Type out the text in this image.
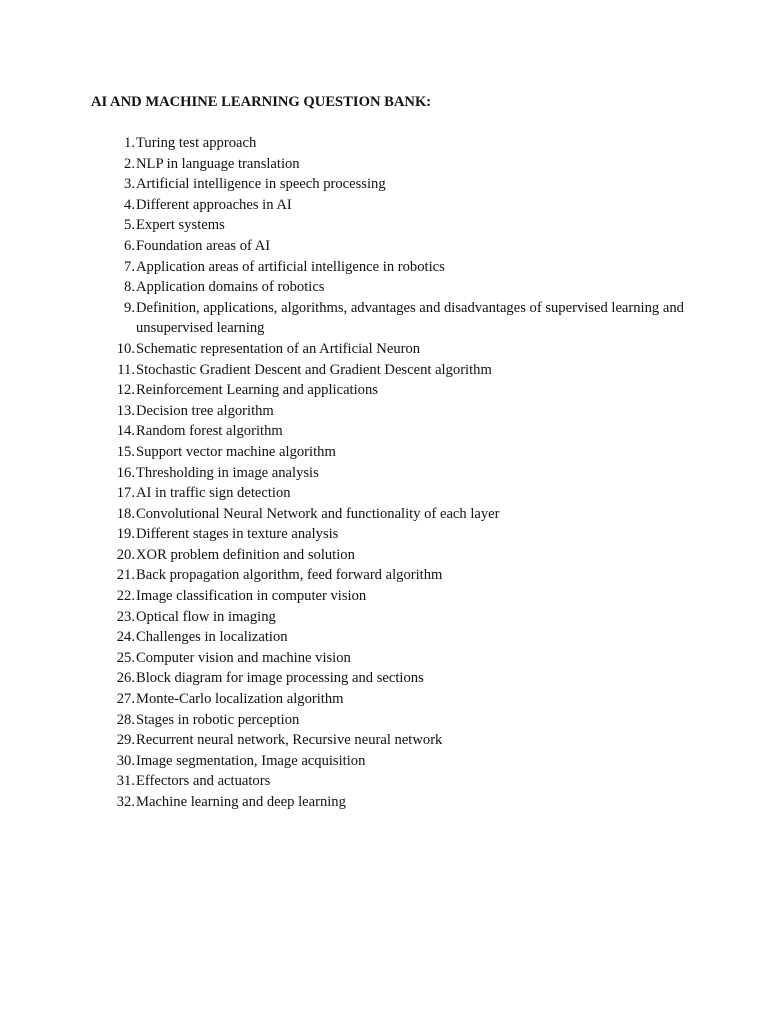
AI AND MACHINE LEARNING QUESTION BANK:
1. Turing test approach
2. NLP in language translation
3. Artificial intelligence in speech processing
4. Different approaches in AI
5. Expert systems
6. Foundation areas of AI
7. Application areas of artificial intelligence in robotics
8. Application domains of robotics
9. Definition, applications, algorithms, advantages and disadvantages of supervised learning and unsupervised learning
10. Schematic representation of an Artificial Neuron
11. Stochastic Gradient Descent and Gradient Descent algorithm
12. Reinforcement Learning and applications
13. Decision tree algorithm
14. Random forest algorithm
15. Support vector machine algorithm
16. Thresholding in image analysis
17. AI in traffic sign detection
18. Convolutional Neural Network and functionality of each layer
19. Different stages in texture analysis
20. XOR problem definition and solution
21. Back propagation algorithm, feed forward algorithm
22. Image classification in computer vision
23. Optical flow in imaging
24. Challenges in localization
25. Computer vision and machine vision
26. Block diagram for image processing and sections
27. Monte-Carlo localization algorithm
28. Stages in robotic perception
29. Recurrent neural network, Recursive neural network
30. Image segmentation, Image acquisition
31. Effectors and actuators
32. Machine learning and deep learning
